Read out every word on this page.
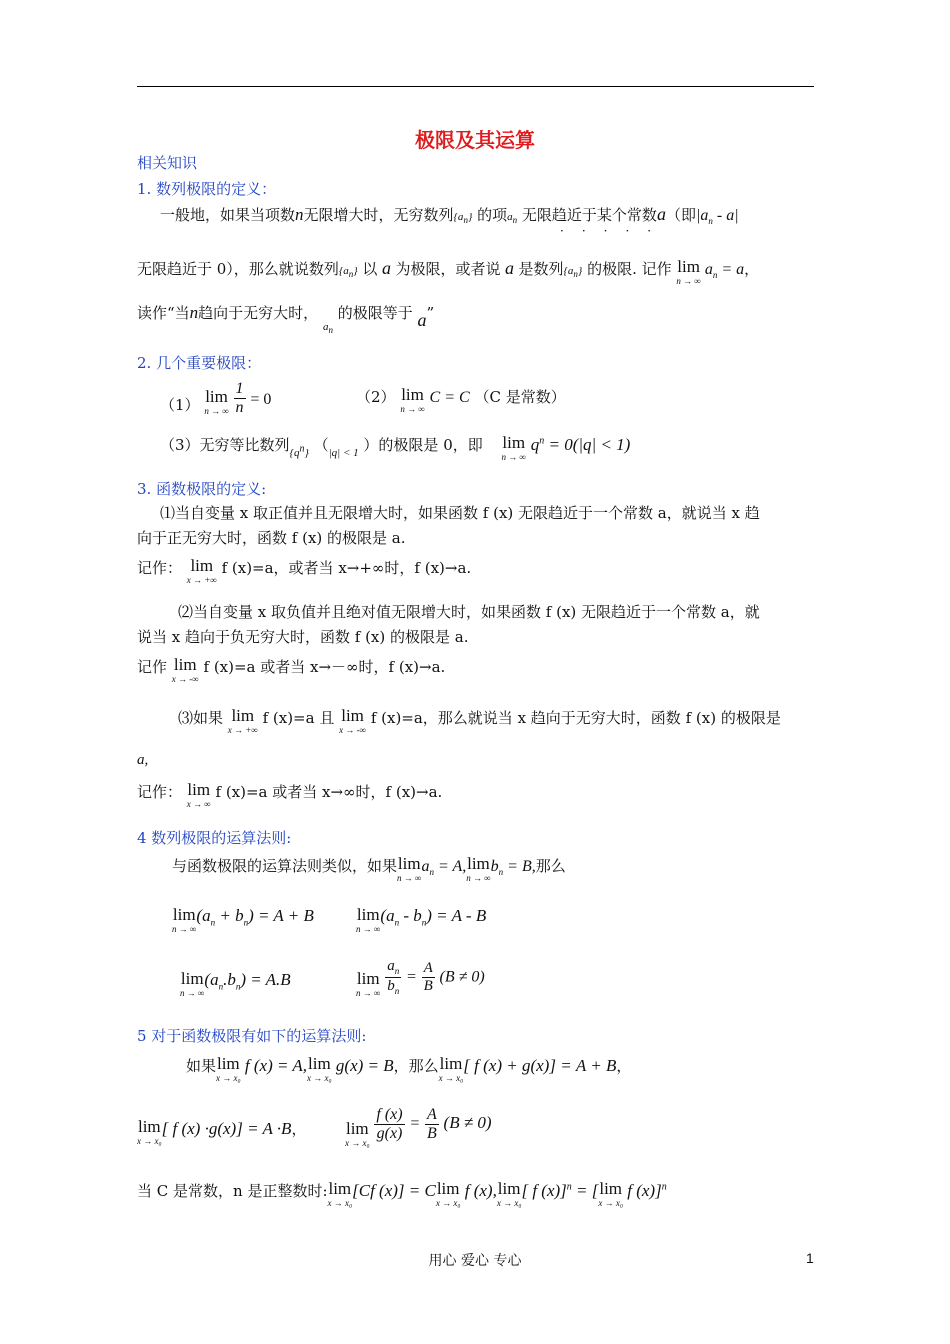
极限及其运算
相关知识
1. 数列极限的定义：
一般地，如果当项数n无限增大时，无穷数列$\{a_n\}$ 的项$a_n$ 无限趋近于某个常数a（即$|a_n - a|$
·····
无限趋近于 0），那么就说数列$\{a_n\}$ 以 a 为极限，或者说 a 是数列$\{a_n\}$ 的极限. 记作 lim
n → ∞
$a_n = a$，
读作“当n趋向于无穷大时， $_{a_n}$ 的极限等于 a”
2. 几个重要极限：
（1） lim
n → ∞
$\frac{1}{n} = 0$	（2） lim
n → ∞
C = C （C 是常数）
（3）无穷等比数列$_{\{q^n\}}$ （$_{|q| < 1}$ ）的极限是 0，即 lim
n → ∞
$q^n = 0(|q| < 1)$
3. 函数极限的定义:
⑴当自变量 x 取正值并且无限增大时，如果函数 f (x) 无限趋近于一个常数 a，就说当 x 趋
向于正无穷大时，函数 f (x) 的极限是 a.
记作： lim
x → +∞
f (x)=a，或者当 x→+∞时，f (x)→a.
⑵当自变量 x 取负值并且绝对值无限增大时，如果函数 f (x) 无限趋近于一个常数 a，就
说当 x 趋向于负无穷大时，函数 f (x) 的极限是 a.
记作 lim
x → -∞
f (x)=a 或者当 x→－∞时，f (x)→a.
⑶如果 lim
x → +∞
f (x)=a 且 lim
x → -∞
f (x)=a，那么就说当 x 趋向于无穷大时，函数 f (x) 的极限是
a,
记作： lim
x → ∞
f (x)=a 或者当 x→∞时，f (x)→a.
4 数列极限的运算法则:
与函数极限的运算法则类似，如果lim
n → ∞
$a_n = A,\lim$
n → ∞
$b_n = B$,那么
lim
n → ∞
$(a_n + b_n) = A + B$	lim
n → ∞
$(a_n - b_n) = A - B$
lim
n → ∞
$(a_n.b_n) = A.B$	lim
n → ∞
$\frac{a_n}{b_n} = \frac{A}{B} (B \ne 0)$
5 对于函数极限有如下的运算法则:
如果lim
x → x₀
f (x) = A,lim
x → x₀
g(x) = B，那么lim
x → x₀
[ f (x) + g(x)] = A + B，
lim
x → x₀
[ f (x) ·g(x)] = A ·B， lim
x → x₀

$\frac{f (x)}{g(x)} = \frac{A}{B} (B \ne 0)$
当 C 是常数，n 是正整数时:lim
x → x₀
[Cf (x)] = Clim
x → x₀
f (x),lim
x → x₀
[ f (x)]$^n$ = [lim
x → x₀
f (x)]$^n$
用心 爱心 专心	1
